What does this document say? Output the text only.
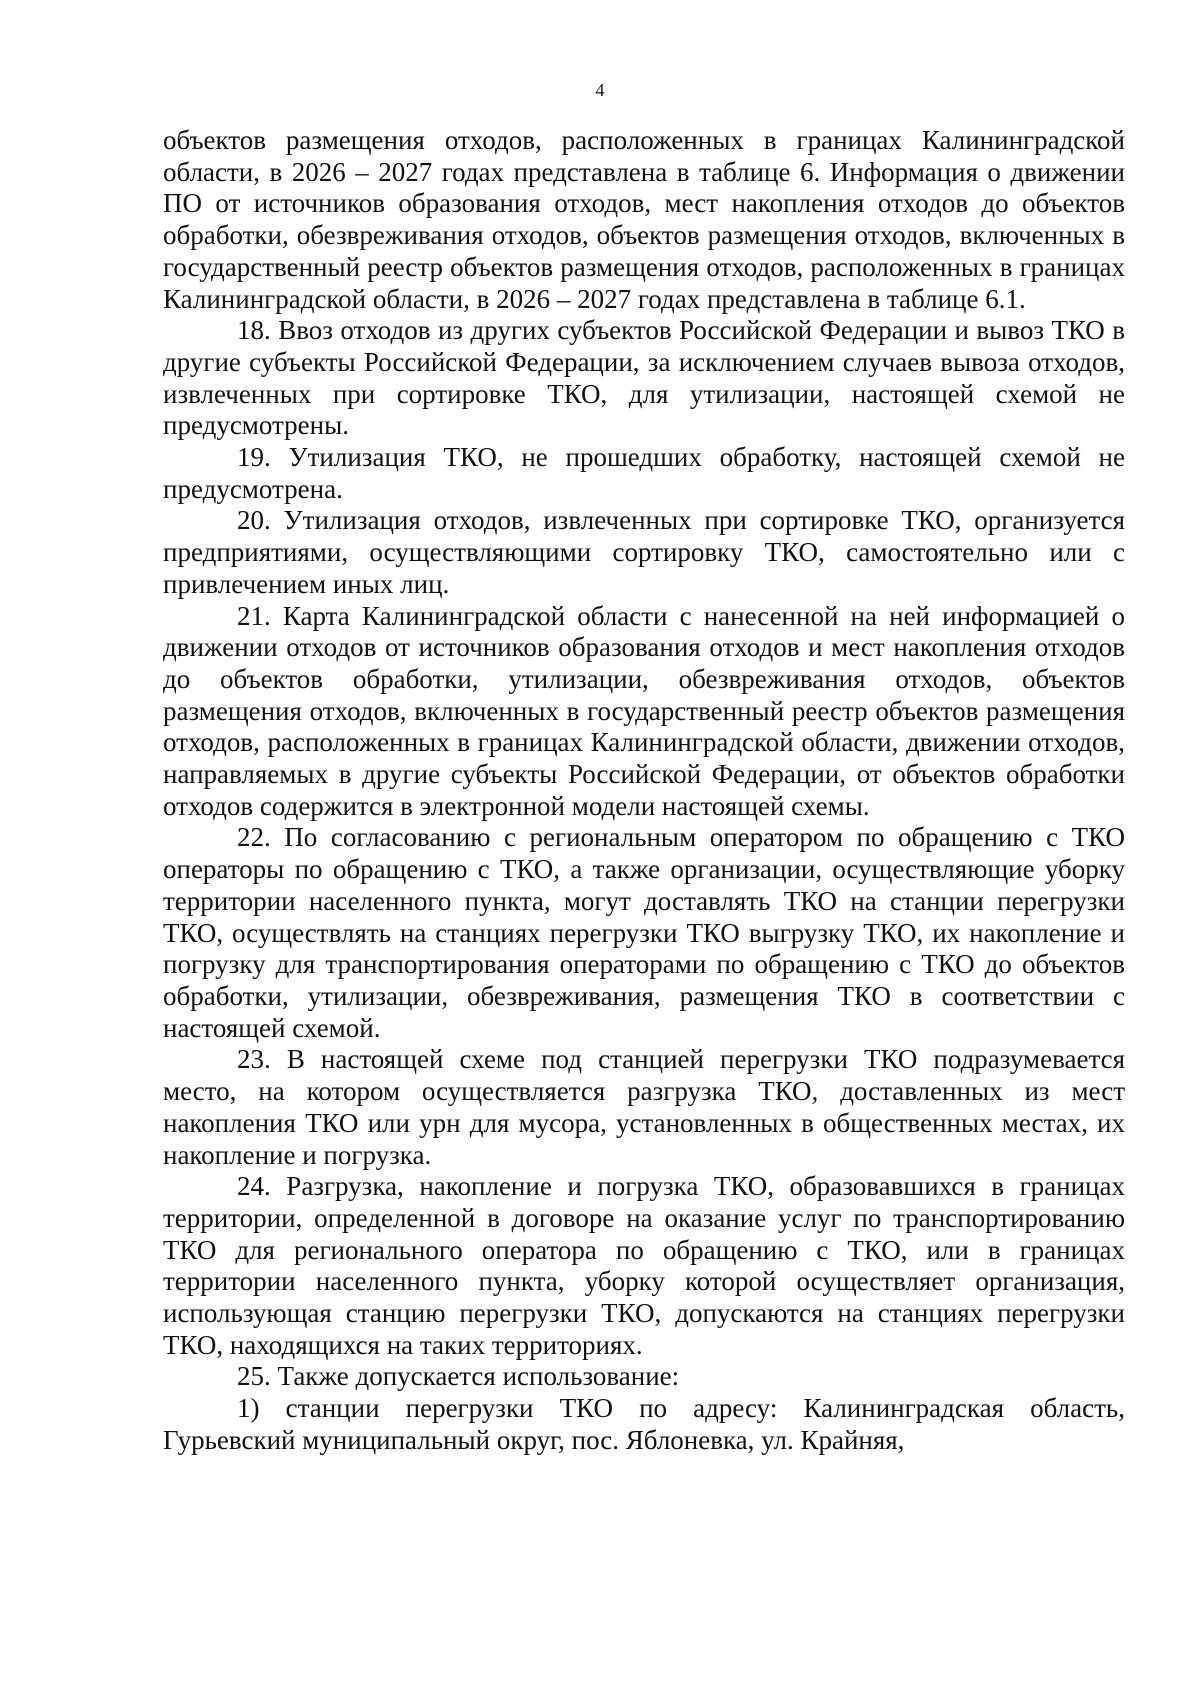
4

объектов размещения отходов, расположенных в границах Калининградской области, в 2026 – 2027 годах представлена в таблице 6. Информация о движении ПО от источников образования отходов, мест накопления отходов до объектов обработки, обезвреживания отходов, объектов размещения отходов, включенных в государственный реестр объектов размещения отходов, расположенных в границах Калининградской области, в 2026 – 2027 годах представлена в таблице 6.1.

18. Ввоз отходов из других субъектов Российской Федерации и вывоз ТКО в другие субъекты Российской Федерации, за исключением случаев вывоза отходов, извлеченных при сортировке ТКО, для утилизации, настоящей схемой не предусмотрены.

19. Утилизация ТКО, не прошедших обработку, настоящей схемой не предусмотрена.

20. Утилизация отходов, извлеченных при сортировке ТКО, организуется предприятиями, осуществляющими сортировку ТКО, самостоятельно или с привлечением иных лиц.

21. Карта Калининградской области с нанесенной на ней информацией о движении отходов от источников образования отходов и мест накопления отходов до объектов обработки, утилизации, обезвреживания отходов, объектов размещения отходов, включенных в государственный реестр объектов размещения отходов, расположенных в границах Калининградской области, движении отходов, направляемых в другие субъекты Российской Федерации, от объектов обработки отходов содержится в электронной модели настоящей схемы.

22. По согласованию с региональным оператором по обращению с ТКО операторы по обращению с ТКО, а также организации, осуществляющие уборку территории населенного пункта, могут доставлять ТКО на станции перегрузки ТКО, осуществлять на станциях перегрузки ТКО выгрузку ТКО, их накопление и погрузку для транспортирования операторами по обращению с ТКО до объектов обработки, утилизации, обезвреживания, размещения ТКО в соответствии с настоящей схемой.

23. В настоящей схеме под станцией перегрузки ТКО подразумевается место, на котором осуществляется разгрузка ТКО, доставленных из мест накопления ТКО или урн для мусора, установленных в общественных местах, их накопление и погрузка.

24. Разгрузка, накопление и погрузка ТКО, образовавшихся в границах территории, определенной в договоре на оказание услуг по транспортированию ТКО для регионального оператора по обращению с ТКО, или в границах территории населенного пункта, уборку которой осуществляет организация, использующая станцию перегрузки ТКО, допускаются на станциях перегрузки ТКО, находящихся на таких территориях.

25. Также допускается использование:

1) станции перегрузки ТКО по адресу: Калининградская область, Гурьевский муниципальный округ, пос. Яблоневка, ул. Крайняя,
